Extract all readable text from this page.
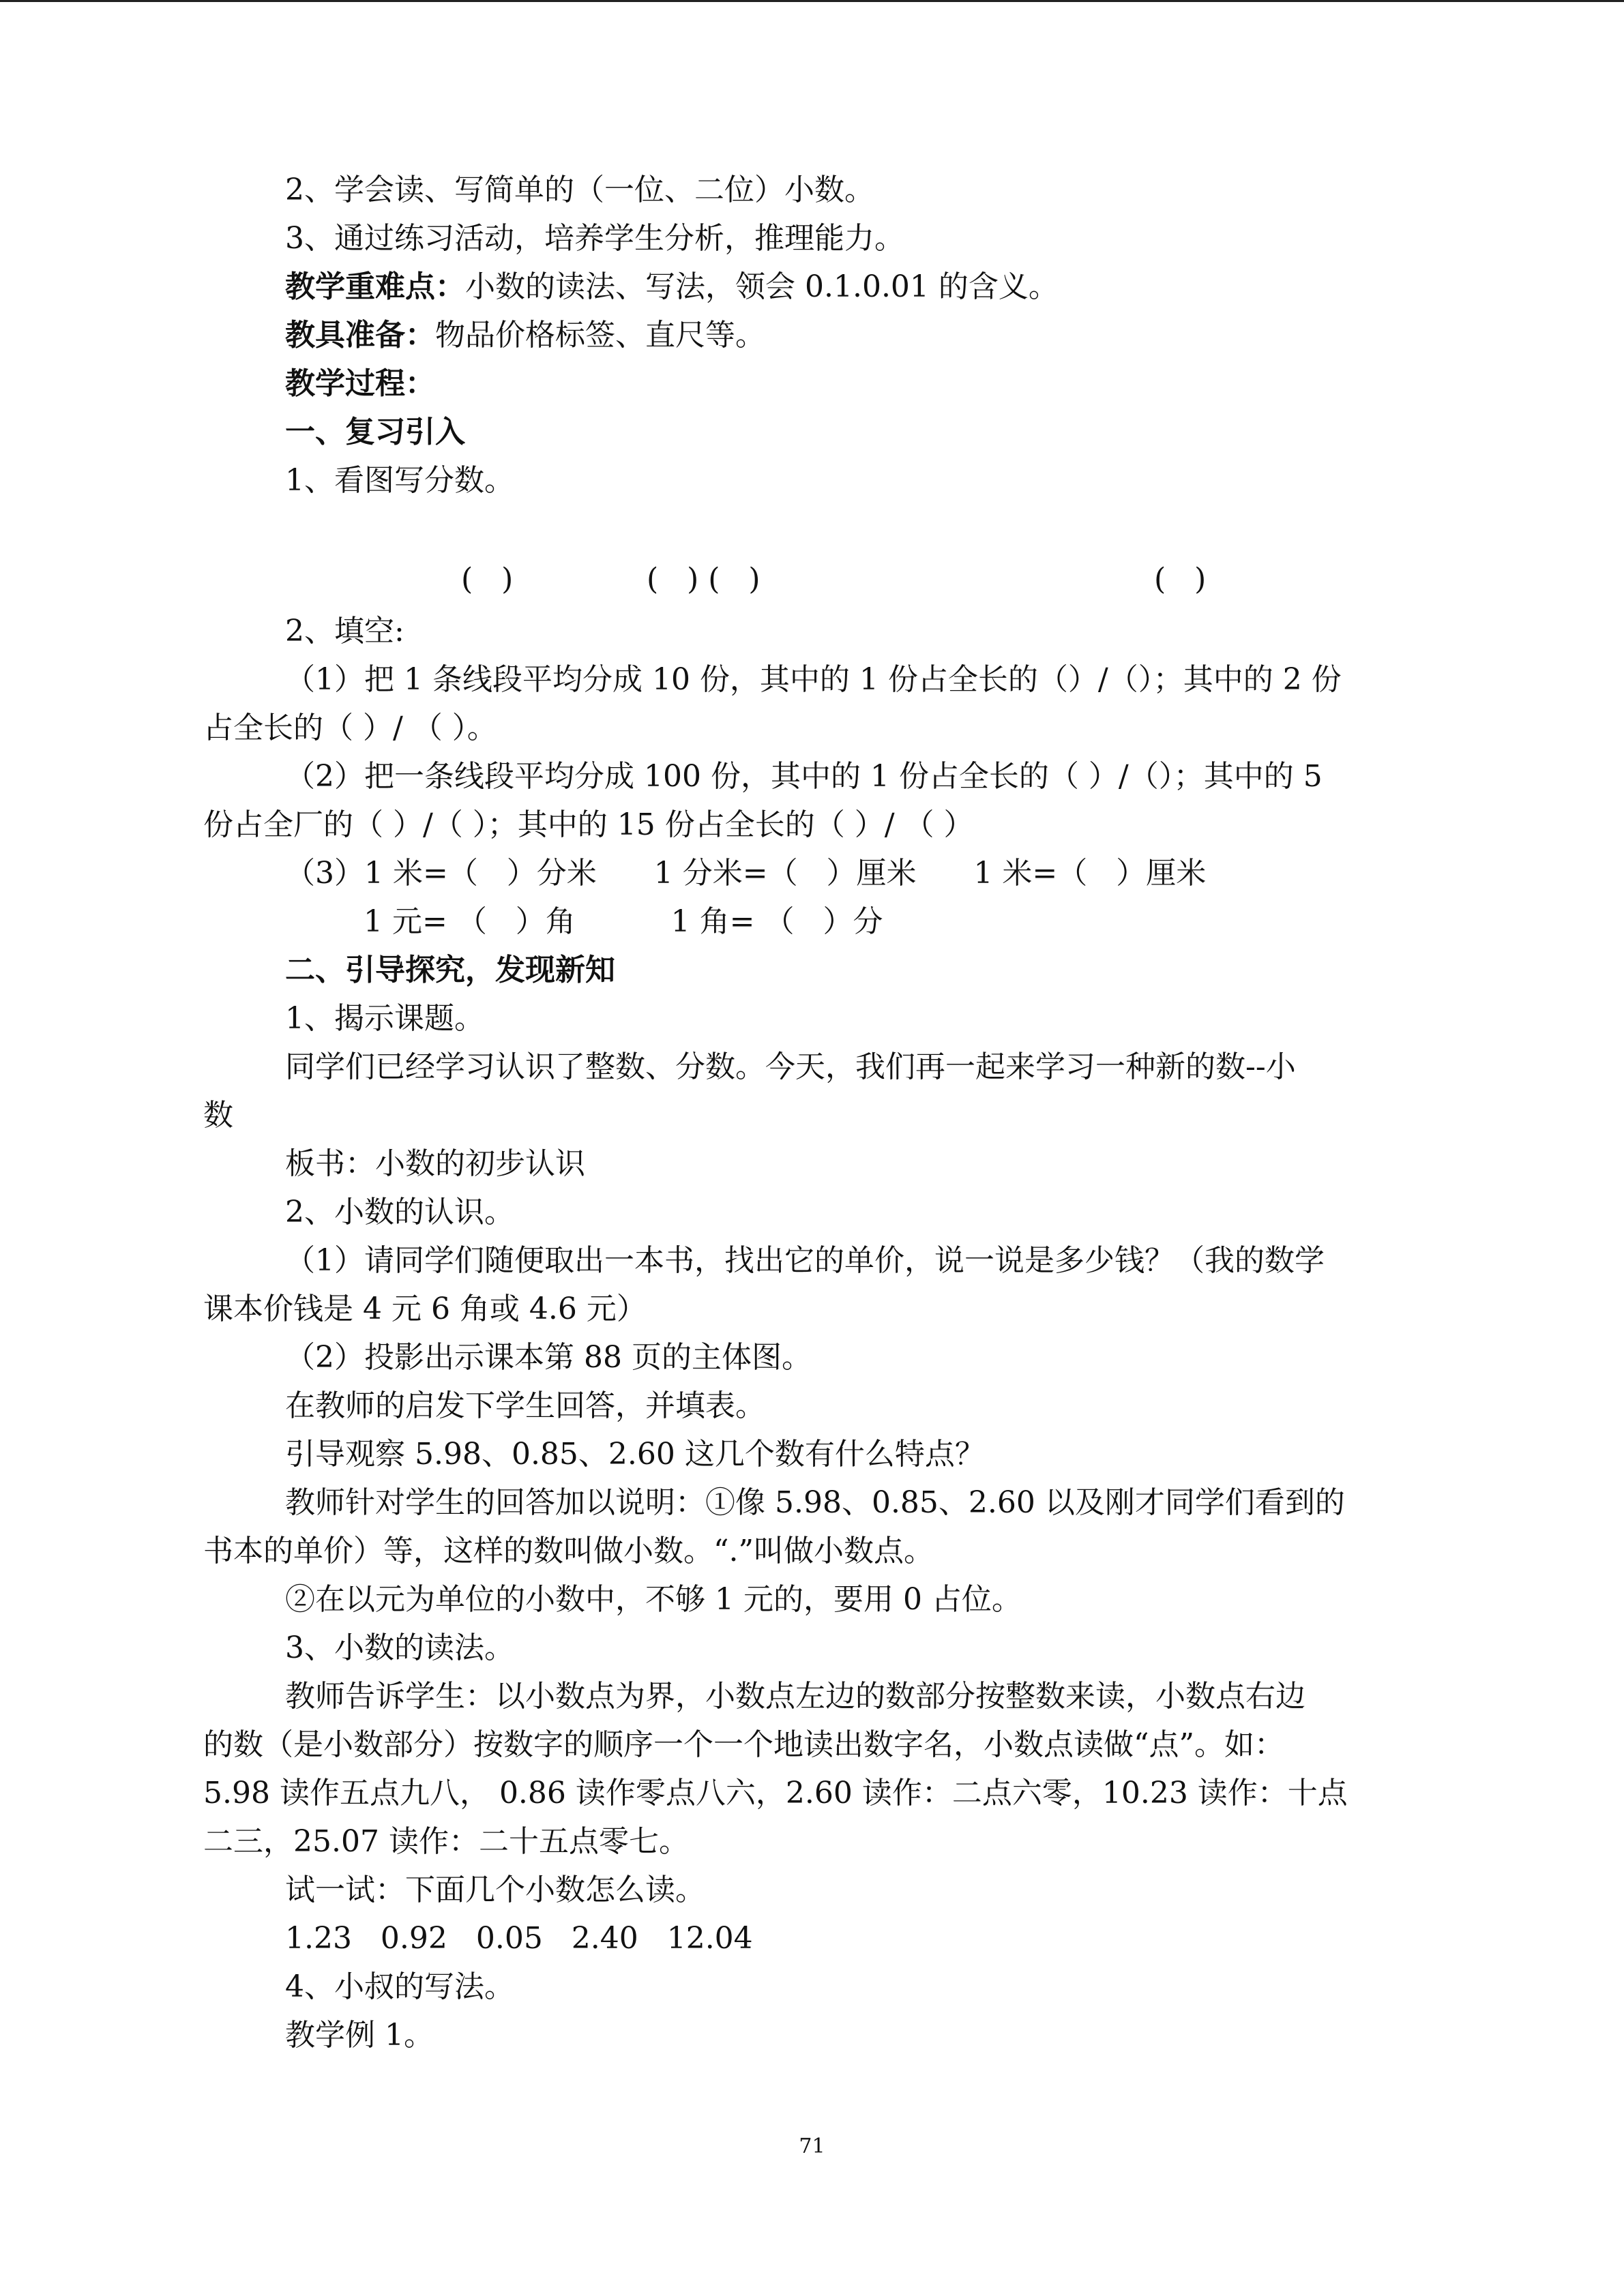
2、学会读、写简单的（一位、二位）小数。
3、通过练习活动，培养学生分析，推理能力。
教学重难点：小数的读法、写法，领会 0.1.0.01 的含义。
教具准备：物品价格标签、直尺等。
教学过程：
一、复习引入
1、看图写分数。
(   )	(   ) (   )	(   )
2、填空:
（1）把 1 条线段平均分成 10 份，其中的 1 份占全长的（）/（）；其中的 2 份
占全长的（ ）/ （ ）。
（2）把一条线段平均分成 100 份，其中的 1 份占全长的（ ）/（）；其中的 5
份占全厂的（ ）/（ ）；其中的 15 份占全长的（ ）/ （ ）
（3）1 米=（   ）分米      1 分米=（   ）厘米      1 米=（   ）厘米
1 元= （   ）角          1 角= （   ）分
二、引导探究，发现新知
1、揭示课题。
同学们已经学习认识了整数、分数。今天，我们再一起来学习一种新的数--小
数
板书：小数的初步认识
2、小数的认识。
（1）请同学们随便取出一本书，找出它的单价，说一说是多少钱？（我的数学
课本价钱是 4 元 6 角或 4.6 元）
（2）投影出示课本第 88 页的主体图。
在教师的启发下学生回答，并填表。
引导观察 5.98、0.85、2.60 这几个数有什么特点？
教师针对学生的回答加以说明：①像 5.98、0.85、2.60 以及刚才同学们看到的
书本的单价）等，这样的数叫做小数。“.”叫做小数点。
②在以元为单位的小数中，不够 1 元的，要用 0 占位。
3、小数的读法。
教师告诉学生：以小数点为界，小数点左边的数部分按整数来读，小数点右边
的数（是小数部分）按数字的顺序一个一个地读出数字名，小数点读做“点”。如：
5.98 读作五点九八， 0.86 读作零点八六，2.60 读作：二点六零，10.23 读作：十点
二三，25.07 读作：二十五点零七。
试一试：下面几个小数怎么读。
1.23   0.92   0.05   2.40   12.04
4、小叔的写法。
教学例 1。
71
